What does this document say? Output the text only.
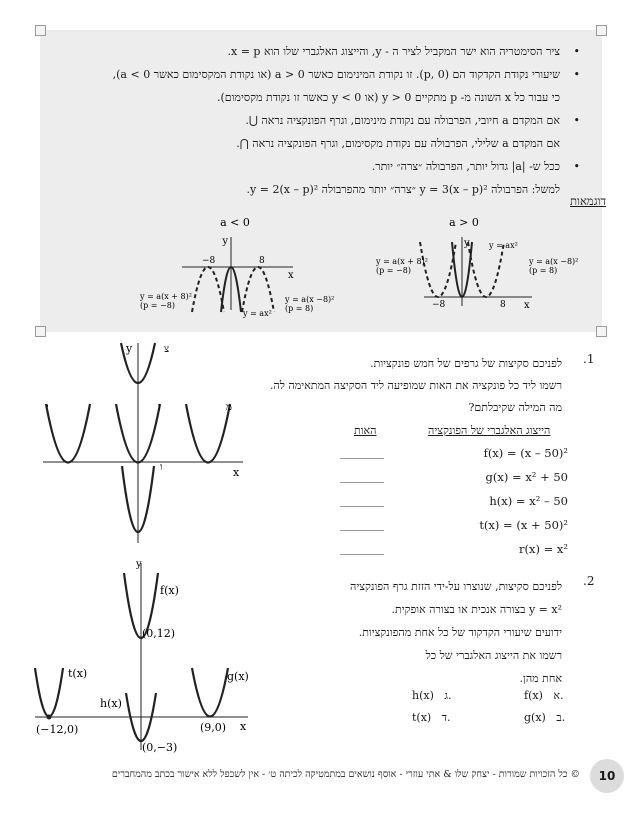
•
ציר הסימטריה הוא ישר המקביל לציר ה - y, והייצוג האלגברי שלו הוא x = p.
•
שיעורי נקודת הקדקוד הם (p, 0). זו נקודת המינימום כאשר a > 0 (או נקודת המקסימום כאשר a < 0),
כי עבור כל x השונה מ- p מתקיים y > 0 (או y < 0 כאשר זו נקודת מקסימום).
•
אם המקדם a חיובי, הפרבולה עם נקודת מינימום, וגרף הפונקציה נראה ⋃.
אם המקדם a שלילי, הפרבולה עם נקודת מקסימום, וגרף הפונקציה נראה ⋂.
•
ככל ש- |a| גדול יותר, הפרבולה ״צרה״ יותר.
למשל: הפרבולה y = 3(x – p)² ״צרה״ יותר מהפרבולה y = 2(x – p)².
דוגמאות
a < 0
y
x
−8	8
y = a(x + 8)²
(p = −8)
y = ax²
y = a(x −8)²
(p = 8)
a > 0
y
x
−8	8
y = a(x + 8)²
(p = −8)
y = ax²
y = a(x −8)²
(p = 8)
.1
לפניכם סקיצות של גרפים של חמש פונקציות.
רשמו ליד כל פונקציה את האות שמופיעה ליד הסקיצה המתאימה לה.
מה המילה שקיבלתם?
הייצוג האלגברי של הפונקציה
האות
________	f(x) = (x – 50)²
________	g(x) = x² + 50
________	h(x) = x² – 50
________	t(x) = (x + 50)²
________	r(x) = x²
y
x
צ
י	ו	מ
ו
.2
לפניכם סקיצות, שנוצרו על-ידי הזזת גרף הפונקציה
y = x² בצורה אנכית או בצורה אופקית.
ידועים שיעורי הקדקוד של כל אחת מהפונקציות.
רשמו את הייצוג האלגברי של כל
אחת מהן.
f(x) א.
h(x) ג.
g(x) ב.
t(x) ד.
y
x
f(x)
(0,12)
t(x)
(−12,0)
g(x)
(9,0)
h(x)
(0,−3)
10
© כל הזכויות שמורות - יצחק שלו & אתי עוזרי - אוסף נושאים במתמטיקה לכיתה ט׳ - אין לשכפל ללא אישור בכתב מהמחברים
